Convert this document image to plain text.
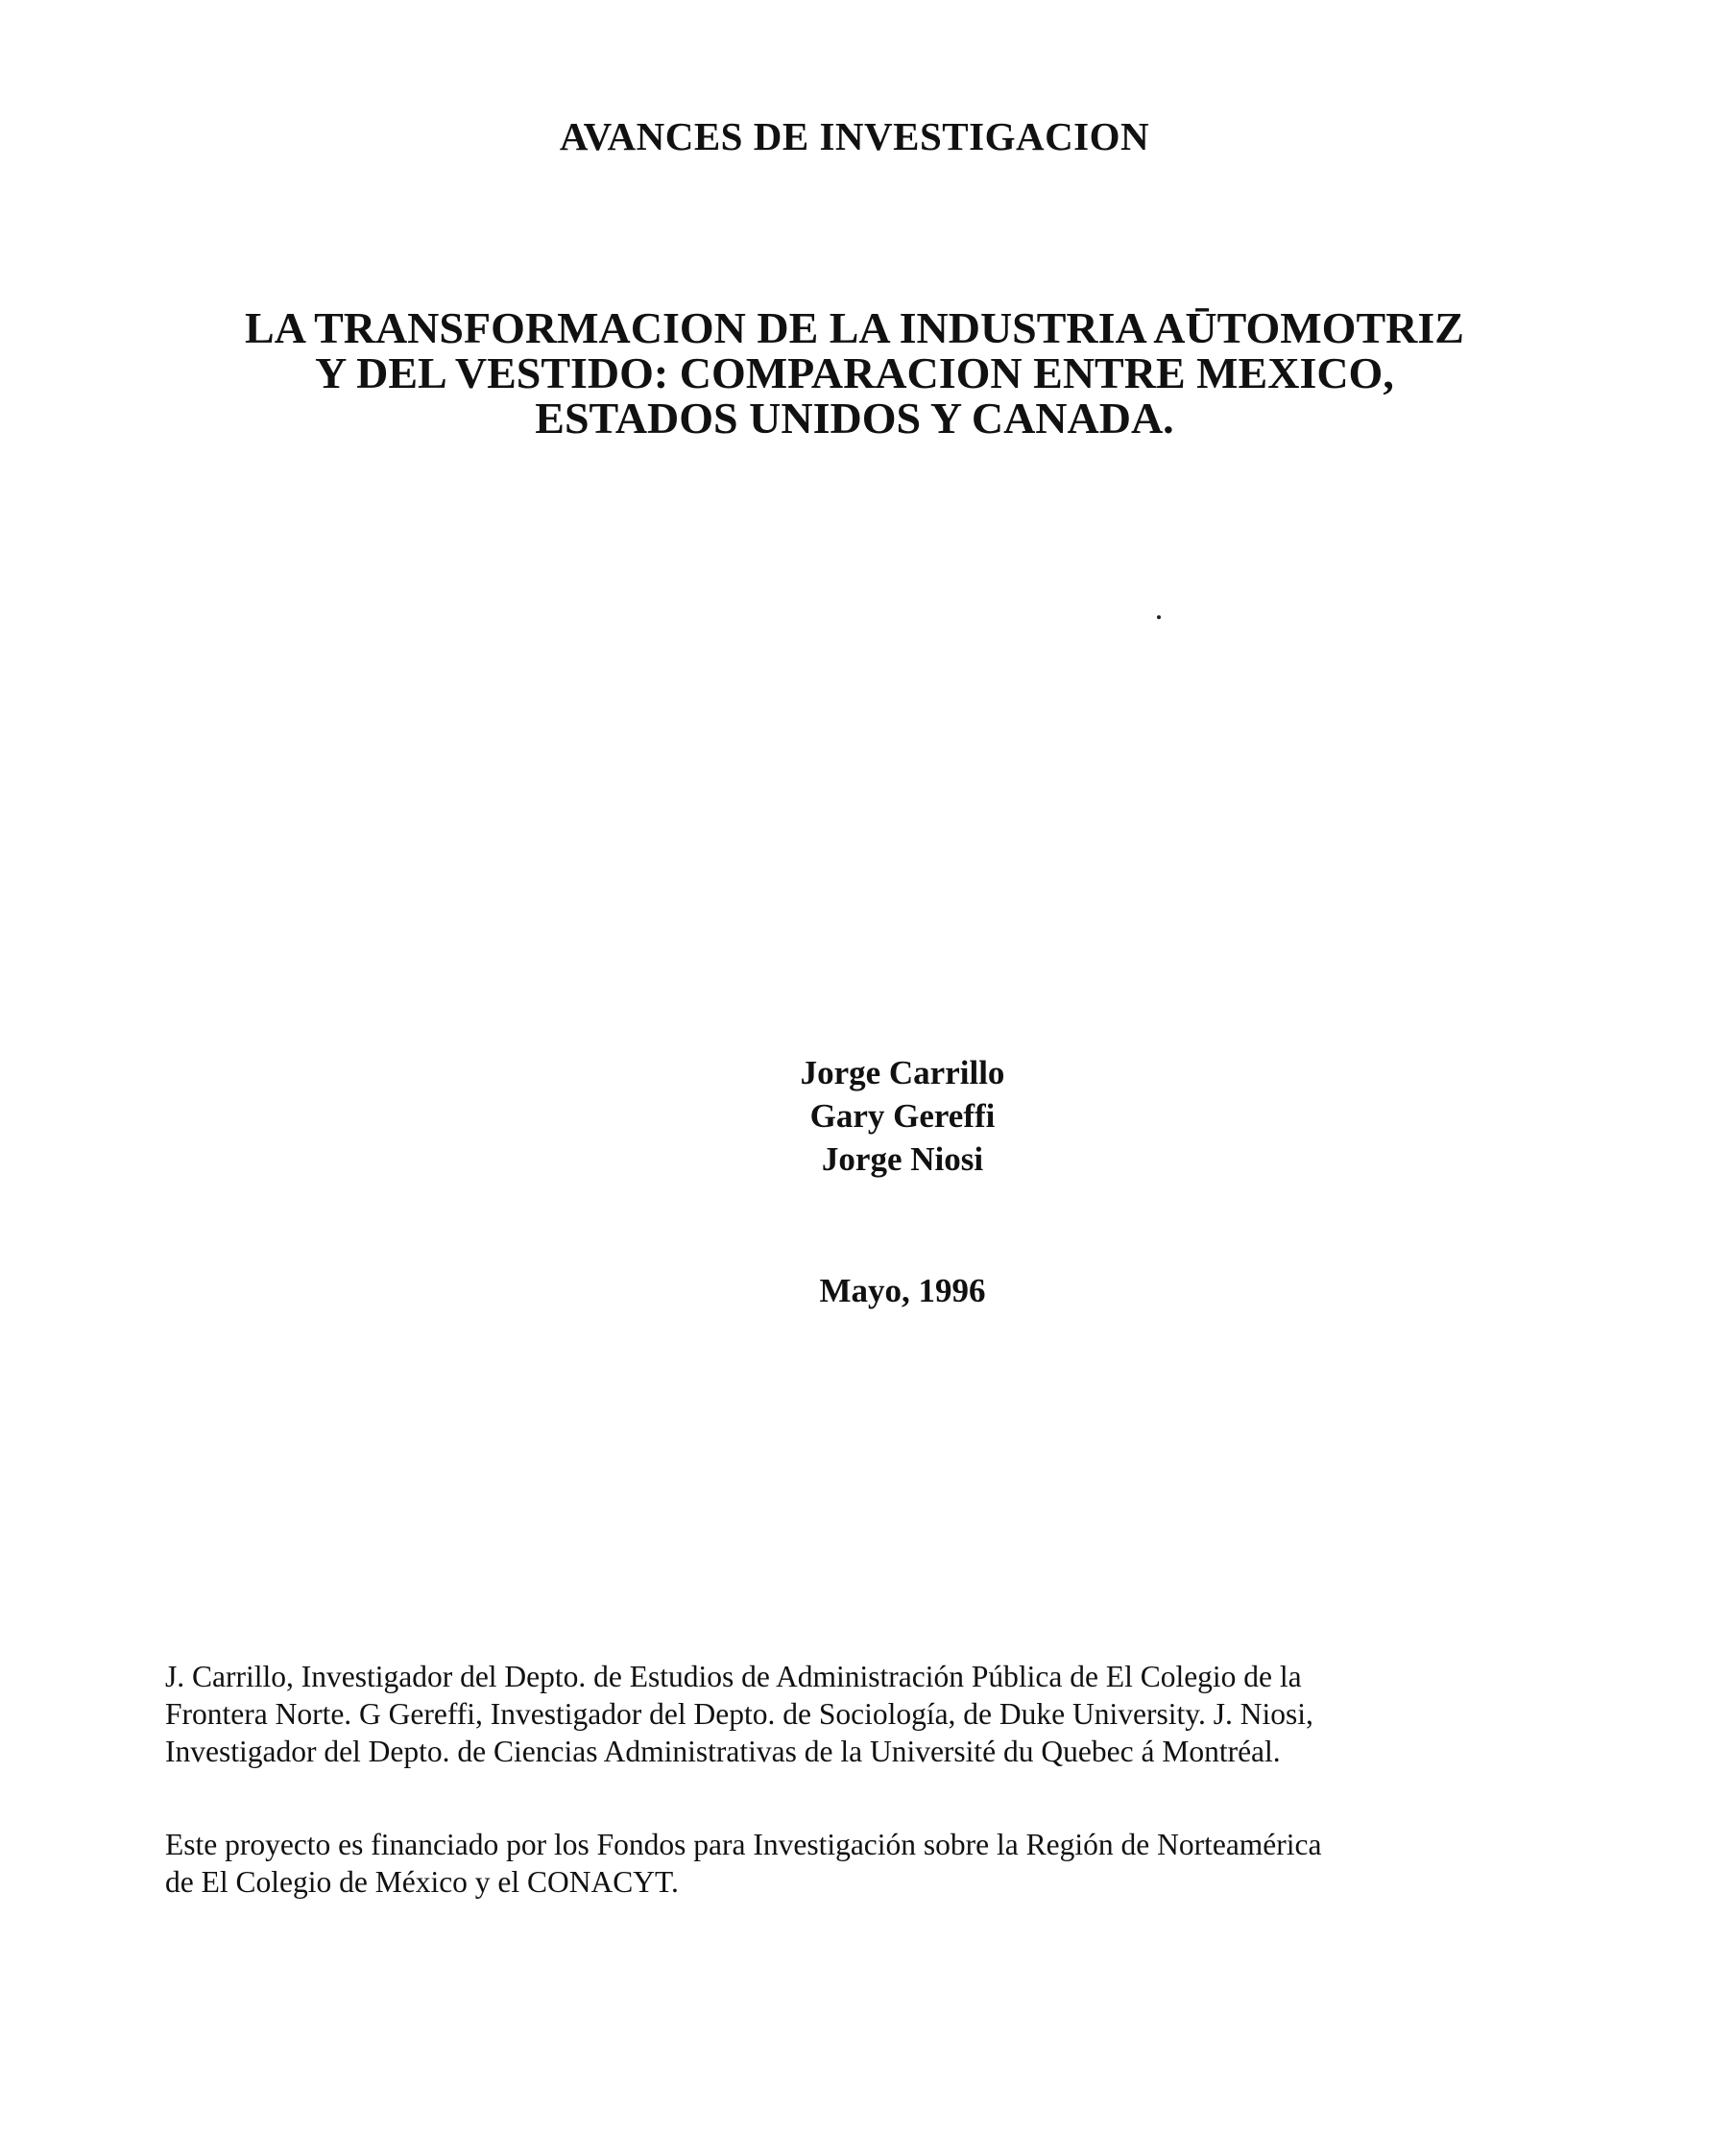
AVANCES DE INVESTIGACION
LA TRANSFORMACION DE LA INDUSTRIA AŪTOMOTRIZ
Y DEL VESTIDO: COMPARACION ENTRE MEXICO,
ESTADOS UNIDOS Y CANADA.
Jorge Carrillo
Gary Gereffi
Jorge Niosi
Mayo, 1996
J. Carrillo, Investigador del Depto. de Estudios de Administración Pública de El Colegio de la
Frontera Norte. G Gereffi, Investigador del Depto. de Sociología, de Duke University. J. Niosi,
Investigador del Depto. de Ciencias Administrativas de la Université du Quebec á Montréal.
Este proyecto es financiado por los Fondos para Investigación sobre la Región de Norteamérica
de El Colegio de México y el CONACYT.
